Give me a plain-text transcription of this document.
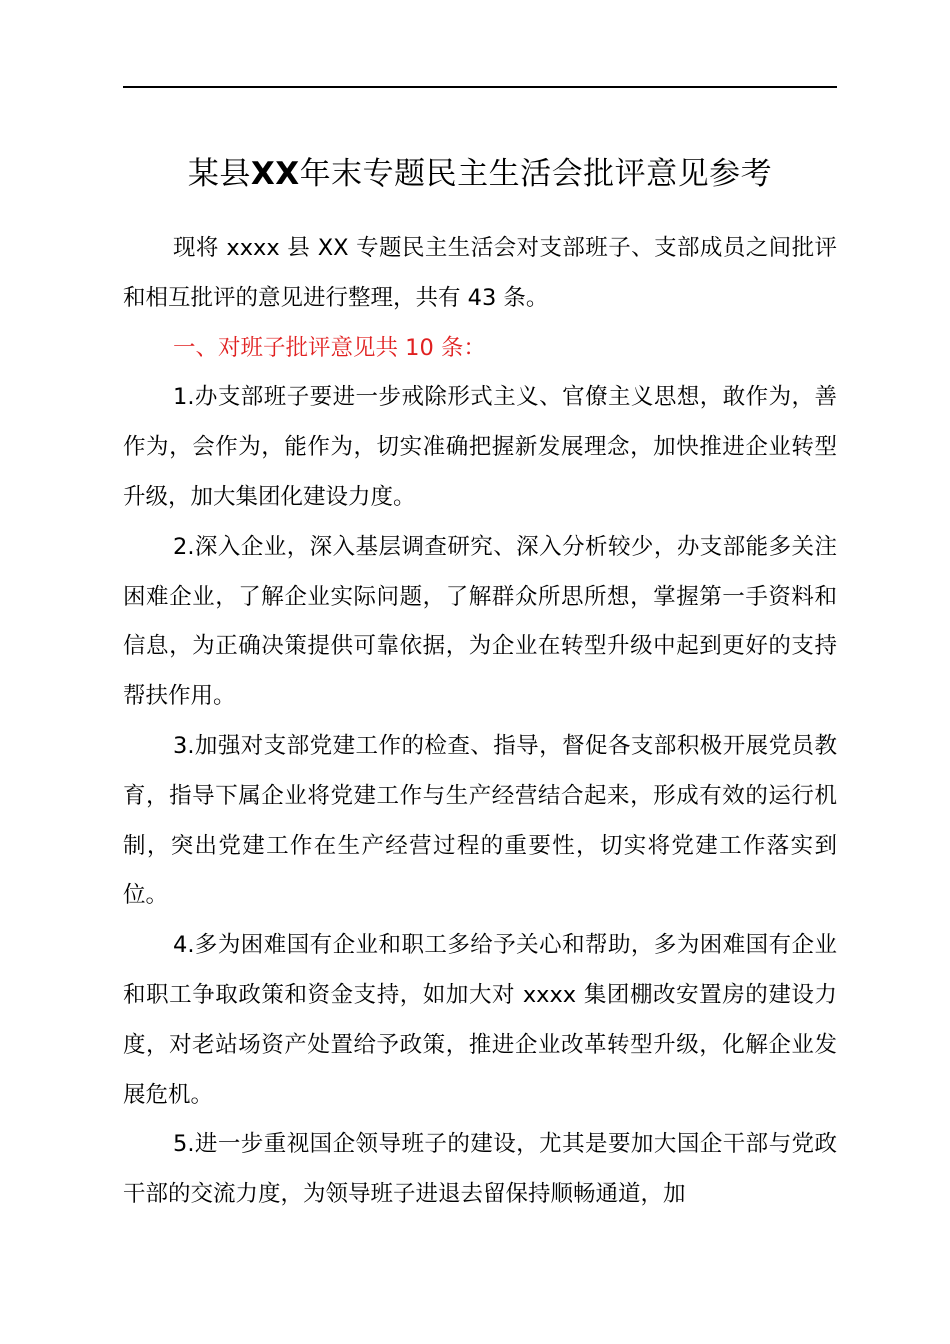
某县XX年末专题民主生活会批评意见参考

现将 xxxx 县 XX 专题民主生活会对支部班子、支部成员之间批评和相互批评的意见进行整理，共有 43 条。

一、对班子批评意见共 10 条：

1.办支部班子要进一步戒除形式主义、官僚主义思想，敢作为，善作为，会作为，能作为，切实准确把握新发展理念，加快推进企业转型升级，加大集团化建设力度。

2.深入企业，深入基层调查研究、深入分析较少，办支部能多关注困难企业，了解企业实际问题，了解群众所思所想，掌握第一手资料和信息，为正确决策提供可靠依据，为企业在转型升级中起到更好的支持帮扶作用。

3.加强对支部党建工作的检查、指导，督促各支部积极开展党员教育，指导下属企业将党建工作与生产经营结合起来，形成有效的运行机制，突出党建工作在生产经营过程的重要性，切实将党建工作落实到位。

4.多为困难国有企业和职工多给予关心和帮助，多为困难国有企业和职工争取政策和资金支持，如加大对 xxxx 集团棚改安置房的建设力度，对老站场资产处置给予政策，推进企业改革转型升级，化解企业发展危机。

5.进一步重视国企领导班子的建设，尤其是要加大国企干部与党政干部的交流力度，为领导班子进退去留保持顺畅通道，加
